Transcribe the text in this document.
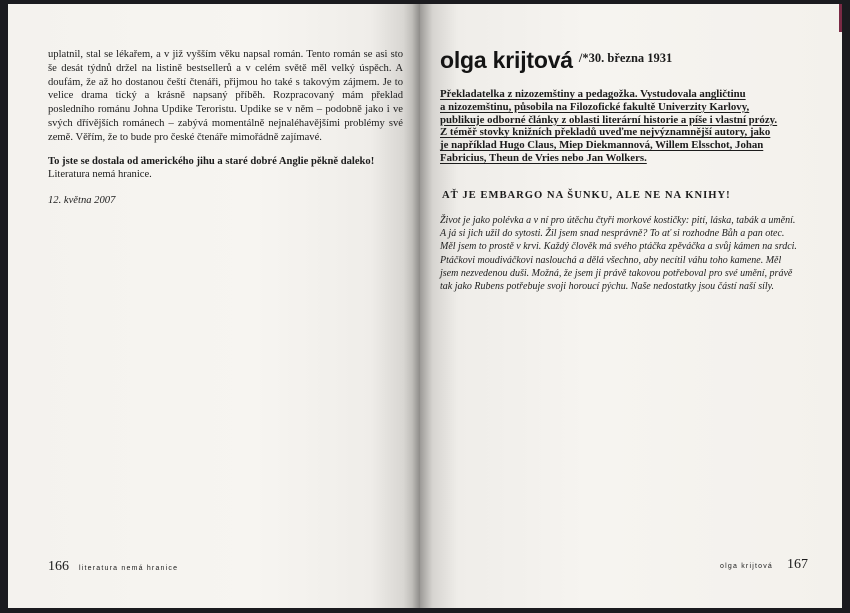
uplatnil, stal se lékařem, a v již vyšším věku napsal román. Tento román se asi sto še desát týdnů držel na listině bestsellerů a v celém světě měl velký úspěch. A doufám, že až ho dostanou čeští čtenáři, přijmou ho také s takovým zájmem. Je to velice drama tický a krásně napsaný příběh. Rozpracovaný mám překlad posledního románu Johna Updike Teroristu. Updike se v něm – podobně jako i ve svých dřívějších románech – zabývá momentálně nejnaléhavějšími problémy své země. Věřím, že to bude pro české čtenáře mimořádně zajímavé.

To jste se dostala od amerického jihu a staré dobré Anglie pěkně daleko!

Literatura nemá hranice.

12. května 2007

166 literatura nemá hranice
olga krijtová /*30. března 1931
Překladatelka z nizozemštiny a pedagožka. Vystudovala angličtinu
a nizozemštinu, působila na Filozofické fakultě Univerzity Karlovy,
publikuje odborné články z oblasti literární historie a píše i vlastní prózy.
Z téměř stovky knižních překladů uveďme nejvýznamnější autory, jako
je například Hugo Claus, Miep Diekmannová, Willem Elsschot, Johan
Fabricius, Theun de Vries nebo Jan Wolkers.
AŤ JE EMBARGO NA ŠUNKU, ALE NE NA KNIHY!
Život je jako polévka a v ní pro útěchu čtyři morkové kostičky: pití, láska, tabák a umění.
A já si jich užil do sytosti. Žil jsem snad nesprávně? To ať si rozhodne Bůh a pan otec.
Měl jsem to prostě v krvi. Každý člověk má svého ptáčka zpěváčka a svůj kámen na srdci.
Ptáčkovi moudiváčkovi naslouchá a dělá všechno, aby necítil váhu toho kamene. Měl
jsem nezvedenou duši. Možná, že jsem ji právě takovou potřeboval pro své umění, právě
tak jako Rubens potřebuje svoji horoucí pýchu. Naše nedostatky jsou částí naší síly.
olga krijtová 167
